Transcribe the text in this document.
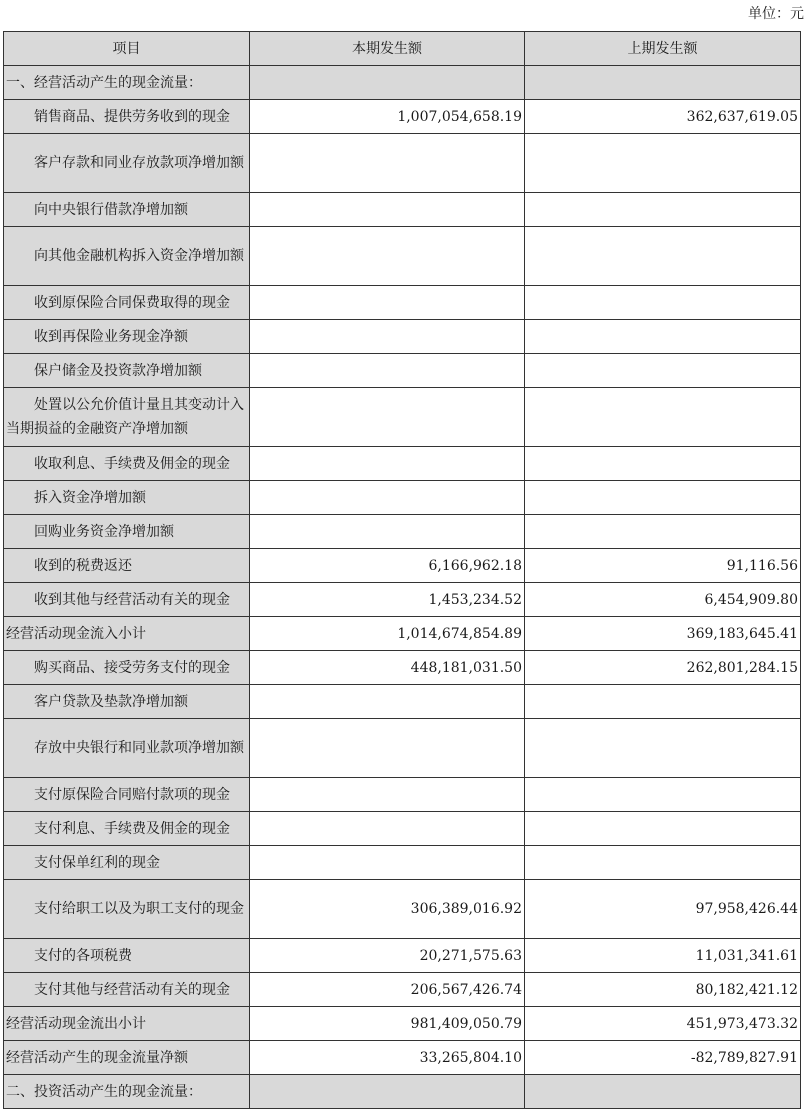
单位：元
项目	本期发生额	上期发生额
一、经营活动产生的现金流量：		
销售商品、提供劳务收到的现金	1,007,054,658.19	362,637,619.05
客户存款和同业存放款项净增加额		
向中央银行借款净增加额		
向其他金融机构拆入资金净增加额		
收到原保险合同保费取得的现金		
收到再保险业务现金净额		
保户储金及投资款净增加额		
处置以公允价值计量且其变动计入当期损益的金融资产净增加额		
收取利息、手续费及佣金的现金		
拆入资金净增加额		
回购业务资金净增加额		
收到的税费返还	6,166,962.18	91,116.56
收到其他与经营活动有关的现金	1,453,234.52	6,454,909.80
经营活动现金流入小计	1,014,674,854.89	369,183,645.41
购买商品、接受劳务支付的现金	448,181,031.50	262,801,284.15
客户贷款及垫款净增加额		
存放中央银行和同业款项净增加额		
支付原保险合同赔付款项的现金		
支付利息、手续费及佣金的现金		
支付保单红利的现金		
支付给职工以及为职工支付的现金	306,389,016.92	97,958,426.44
支付的各项税费	20,271,575.63	11,031,341.61
支付其他与经营活动有关的现金	206,567,426.74	80,182,421.12
经营活动现金流出小计	981,409,050.79	451,973,473.32
经营活动产生的现金流量净额	33,265,804.10	-82,789,827.91
二、投资活动产生的现金流量：		
